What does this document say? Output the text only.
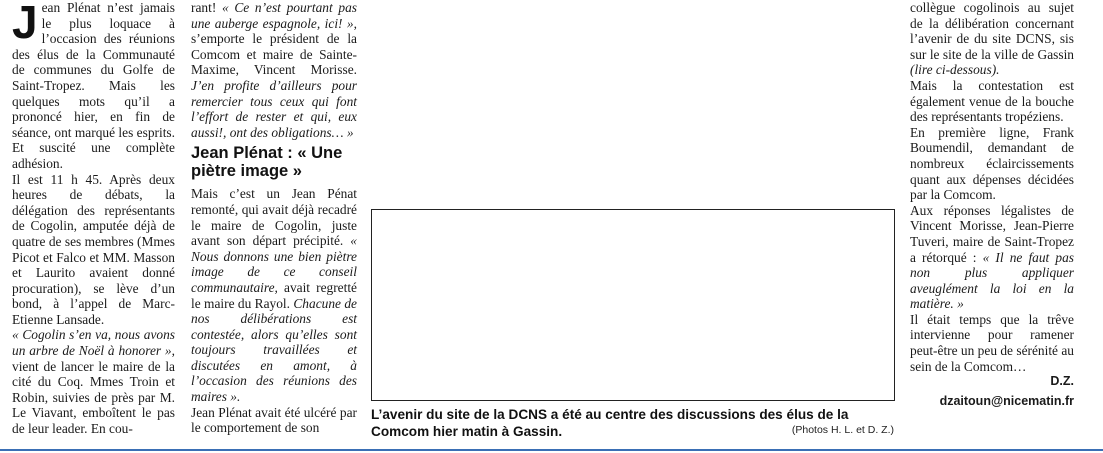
Jean Plénat n’est jamais le plus loquace à l’occasion des réunions des élus de la Communauté de communes du Golfe de Saint-Tropez. Mais les quelques mots qu’il a prononcé hier, en fin de séance, ont marqué les esprits. Et suscité une complète adhésion.

Il est 11 h 45. Après deux heures de débats, la délégation des représentants de Cogolin, amputée déjà de quatre de ses membres (Mmes Picot et Falco et MM. Masson et Laurito avaient donné procuration), se lève d’un bond, à l’appel de Marc-Etienne Lansade.

« Cogolin s’en va, nous avons un arbre de Noël à honorer », vient de lancer le maire de la cité du Coq. Mmes Troin et Robin, suivies de près par M. Le Viavant, emboîtent le pas de leur leader. En cou-

rant! « Ce n’est pourtant pas une auberge espagnole, ici! », s’emporte le président de la Comcom et maire de Sainte-Maxime, Vincent Morisse. J’en profite d’ailleurs pour remercier tous ceux qui font l’effort de rester et qui, eux aussi!, ont des obligations… »

Jean Plénat : « Une piètre image »

Mais c’est un Jean Pénat remonté, qui avait déjà recadré le maire de Cogolin, juste avant son départ précipité. « Nous donnons une bien piètre image de ce conseil communautaire, avait regretté le maire du Rayol. Chacune de nos délibérations est contestée, alors qu’elles sont toujours travaillées et discutées en amont, à l’occasion des réunions des maires ».

Jean Plénat avait été ulcéré par le comportement de son

L’avenir du site de la DCNS a été au centre des discussions des élus de la Comcom hier matin à Gassin.	(Photos H. L. et D. Z.)

collègue cogolinois au sujet de la délibération concernant l’avenir de du site DCNS, sis sur le site de la ville de Gassin (lire ci-dessous).

Mais la contestation est également venue de la bouche des représentants tropéziens.

En première ligne, Frank Boumendil, demandant de nombreux éclaircissements quant aux dépenses décidées par la Comcom.

Aux réponses légalistes de Vincent Morisse, Jean-Pierre Tuveri, maire de Saint-Tropez a rétorqué : « Il ne faut pas non plus appliquer aveuglément la loi en la matière. »

Il était temps que la trêve intervienne pour ramener peut-être un peu de sérénité au sein de la Comcom…

D.Z.
dzaitoun@nicematin.fr
